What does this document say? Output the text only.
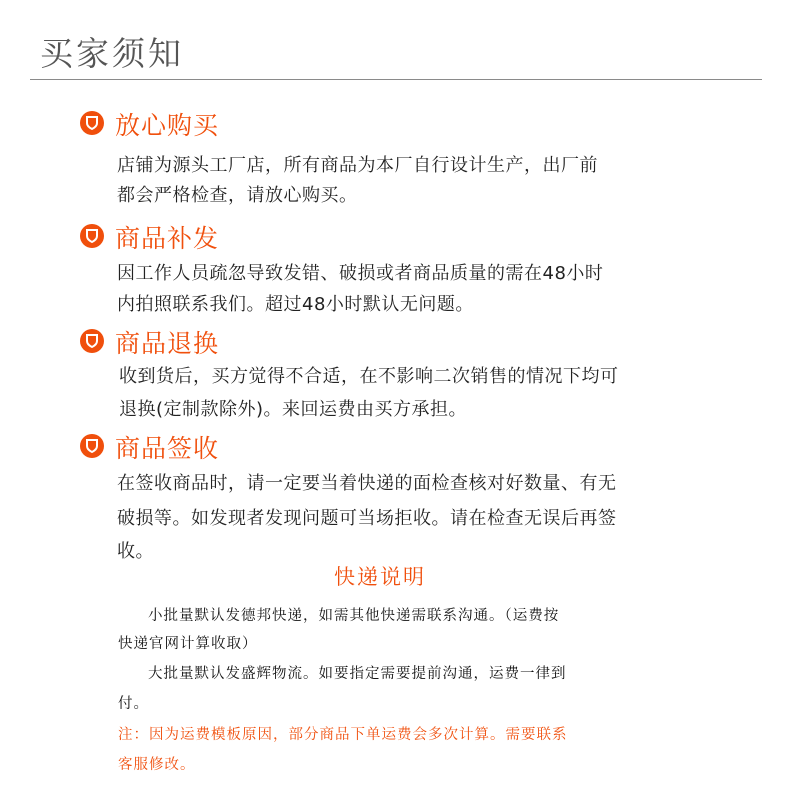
买家须知
放心购买
店铺为源头工厂店，所有商品为本厂自行设计生产，出厂前
都会严格检查，请放心购买。
商品补发
因工作人员疏忽导致发错、破损或者商品质量的需在48小时
内拍照联系我们。超过48小时默认无问题。
商品退换
收到货后，买方觉得不合适，在不影响二次销售的情况下均可
退换(定制款除外)。来回运费由买方承担。
商品签收
在签收商品时，请一定要当着快递的面检查核对好数量、有无
破损等。如发现者发现问题可当场拒收。请在检查无误后再签
收。
快递说明
小批量默认发德邦快递，如需其他快递需联系沟通。（运费按
快递官网计算收取）
大批量默认发盛辉物流。如要指定需要提前沟通，运费一律到
付。
注：因为运费模板原因，部分商品下单运费会多次计算。需要联系
客服修改。
